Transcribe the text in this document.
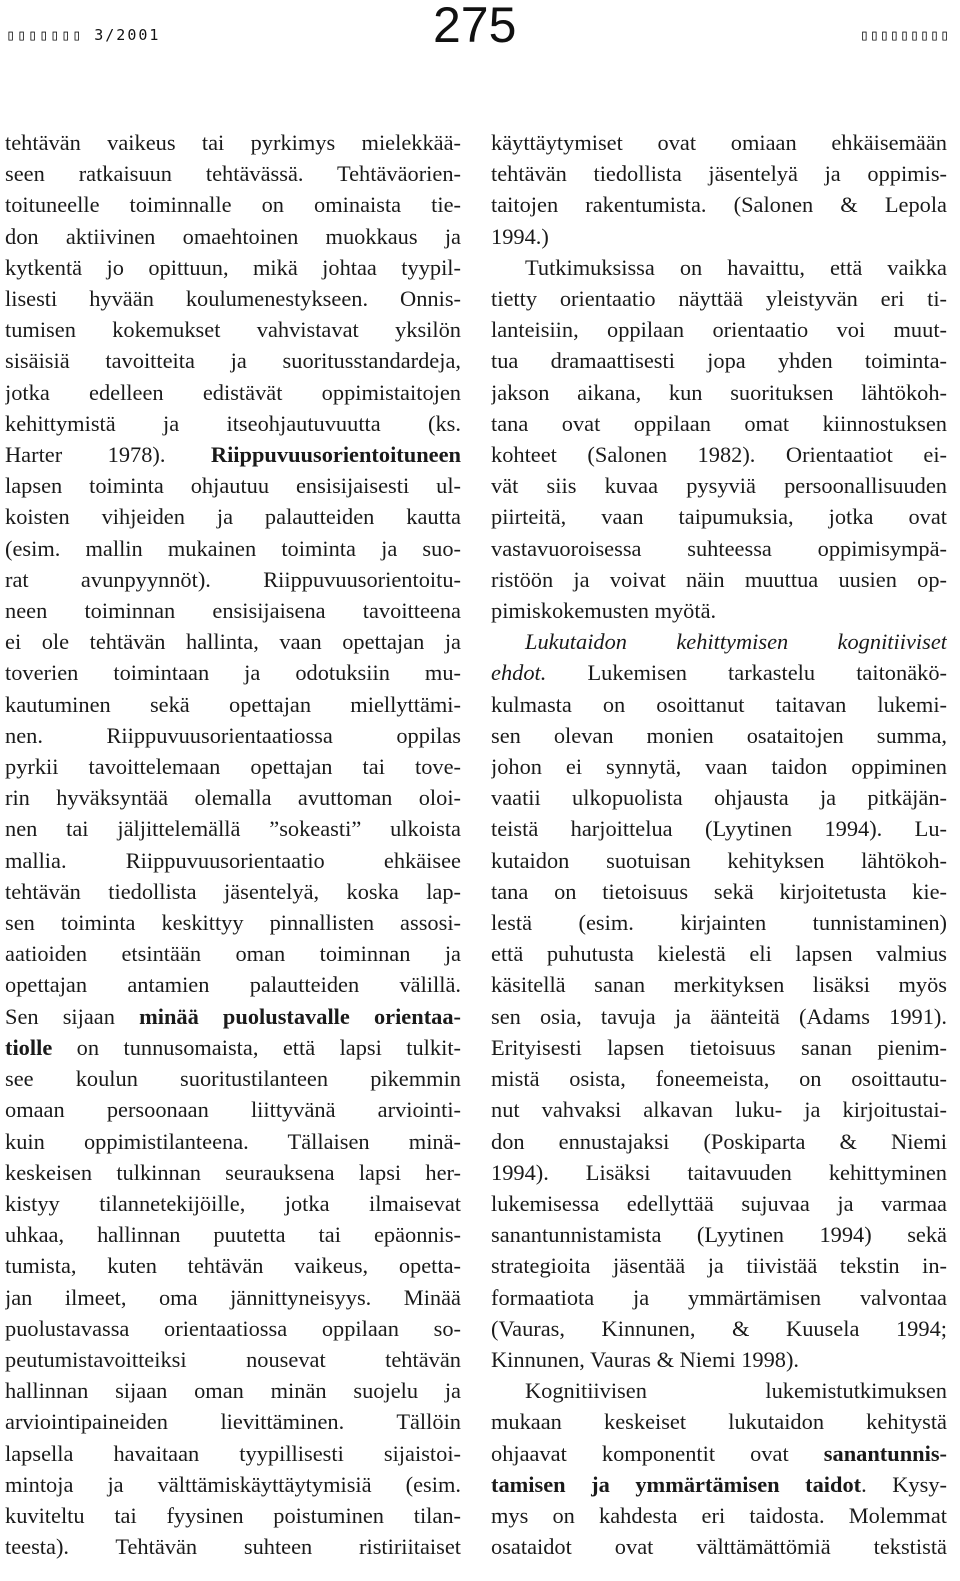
▯▯▯▯▯▯▯ 3/2001	275	▯▯▯▯▯▯▯▯▯

tehtävän vaikeus tai pyrkimys mielekkää-

seen ratkaisuun tehtävässä. Tehtäväorien-

toituneelle toiminnalle on ominaista tie-

don aktiivinen omaehtoinen muokkaus ja

kytkentä jo opittuun, mikä johtaa tyypil-

lisesti hyvään koulumenestykseen. Onnis-

tumisen kokemukset vahvistavat yksilön

sisäisiä tavoitteita ja suoritusstandardeja,

jotka edelleen edistävät oppimistaitojen

kehittymistä ja itseohjautuvuutta (ks.

Harter 1978). Riippuvuusorientoituneen

lapsen toiminta ohjautuu ensisijaisesti ul-

koisten vihjeiden ja palautteiden kautta

(esim. mallin mukainen toiminta ja suo-

rat avunpyynnöt). Riippuvuusorientoitu-

neen toiminnan ensisijaisena tavoitteena

ei ole tehtävän hallinta, vaan opettajan ja

toverien toimintaan ja odotuksiin mu-

kautuminen sekä opettajan miellyttämi-

nen. Riippuvuusorientaatiossa oppilas

pyrkii tavoittelemaan opettajan tai tove-

rin hyväksyntää olemalla avuttoman oloi-

nen tai jäljittelemällä ”sokeasti” ulkoista

mallia. Riippuvuusorientaatio ehkäisee

tehtävän tiedollista jäsentelyä, koska lap-

sen toiminta keskittyy pinnallisten assosi-

aatioiden etsintään oman toiminnan ja

opettajan antamien palautteiden välillä.

Sen sijaan minää puolustavalle orientaa-

tiolle on tunnusomaista, että lapsi tulkit-

see koulun suoritustilanteen pikemmin

omaan persoonaan liittyvänä arviointi-

kuin oppimistilanteena. Tällaisen minä-

keskeisen tulkinnan seurauksena lapsi her-

kistyy tilannetekijöille, jotka ilmaisevat

uhkaa, hallinnan puutetta tai epäonnis-

tumista, kuten tehtävän vaikeus, opetta-

jan ilmeet, oma jännittyneisyys. Minää

puolustavassa orientaatiossa oppilaan so-

peutumistavoitteiksi nousevat tehtävän

hallinnan sijaan oman minän suojelu ja

arviointipaineiden lievittäminen. Tällöin

lapsella havaitaan tyypillisesti sijaistoi-

mintoja ja välttämiskäyttäytymisiä (esim.

kuviteltu tai fyysinen poistuminen tilan-

teesta). Tehtävän suhteen ristiriitaiset

käyttäytymiset ovat omiaan ehkäisemään

tehtävän tiedollista jäsentelyä ja oppimis-

taitojen rakentumista. (Salonen & Lepola

1994.)

Tutkimuksissa on havaittu, että vaikka

tietty orientaatio näyttää yleistyvän eri ti-

lanteisiin, oppilaan orientaatio voi muut-

tua dramaattisesti jopa yhden toiminta-

jakson aikana, kun suorituksen lähtökoh-

tana ovat oppilaan omat kiinnostuksen

kohteet (Salonen 1982). Orientaatiot ei-

vät siis kuvaa pysyviä persoonallisuuden

piirteitä, vaan taipumuksia, jotka ovat

vastavuoroisessa suhteessa oppimisympä-

ristöön ja voivat näin muuttua uusien op-

pimiskokemusten myötä.

Lukutaidon kehittymisen kognitiiviset

ehdot. Lukemisen tarkastelu taitonäkö-

kulmasta on osoittanut taitavan lukemi-

sen olevan monien osataitojen summa,

johon ei synnytä, vaan taidon oppiminen

vaatii ulkopuolista ohjausta ja pitkäjän-

teistä harjoittelua (Lyytinen 1994). Lu-

kutaidon suotuisan kehityksen lähtökoh-

tana on tietoisuus sekä kirjoitetusta kie-

lestä (esim. kirjainten tunnistaminen)

että puhutusta kielestä eli lapsen valmius

käsitellä sanan merkityksen lisäksi myös

sen osia, tavuja ja äänteitä (Adams 1991).

Erityisesti lapsen tietoisuus sanan pienim-

mistä osista, foneemeista, on osoittautu-

nut vahvaksi alkavan luku- ja kirjoitustai-

don ennustajaksi (Poskiparta & Niemi

1994). Lisäksi taitavuuden kehittyminen

lukemisessa edellyttää sujuvaa ja varmaa

sanantunnistamista (Lyytinen 1994) sekä

strategioita jäsentää ja tiivistää tekstin in-

formaatiota ja ymmärtämisen valvontaa

(Vauras, Kinnunen, & Kuusela 1994;

Kinnunen, Vauras & Niemi 1998).

Kognitiivisen lukemistutkimuksen

mukaan keskeiset lukutaidon kehitystä

ohjaavat komponentit ovat sanantunnis-

tamisen ja ymmärtämisen taidot. Kysy-

mys on kahdesta eri taidosta. Molemmat

osataidot ovat välttämättömiä tekstistä
